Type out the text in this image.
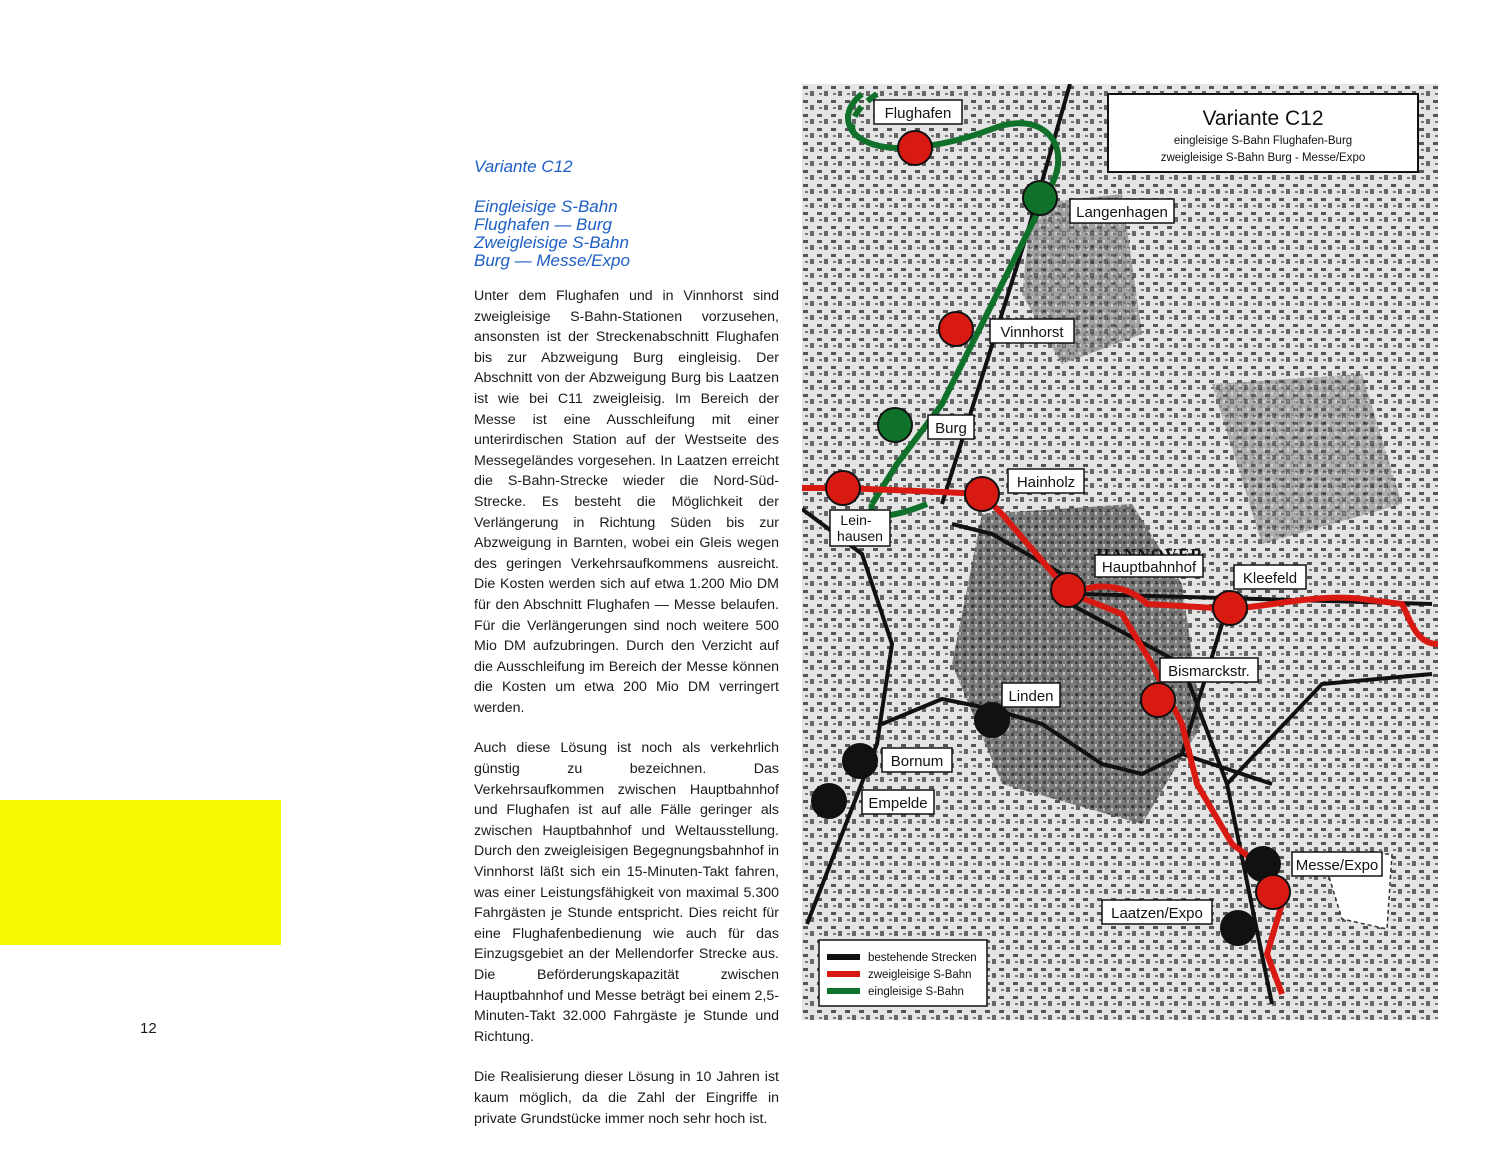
12
Variante C12
Eingleisige S-Bahn
Flughafen — Burg
Zweigleisige S-Bahn
Burg — Messe/Expo

Unter dem Flughafen und in Vinnhorst sind zweigleisige S-Bahn-Stationen vorzusehen, ansonsten ist der Streckenabschnitt Flughafen bis zur Abzweigung Burg eingleisig. Der Abschnitt von der Abzweigung Burg bis Laatzen ist wie bei C11 zweigleisig. Im Bereich der Messe ist eine Ausschleifung mit einer unterirdischen Station auf der Westseite des Messegeländes vorgesehen. In Laatzen erreicht die S-Bahn-Strecke wieder die Nord-Süd-Strecke. Es besteht die Möglichkeit der Verlängerung in Richtung Süden bis zur Abzweigung in Barnten, wobei ein Gleis wegen des geringen Verkehrsaufkommens ausreicht. Die Kosten werden sich auf etwa 1.200 Mio DM für den Abschnitt Flughafen — Messe belaufen. Für die Verlängerungen sind noch weitere 500 Mio DM aufzubringen. Durch den Verzicht auf die Ausschleifung im Bereich der Messe können die Kosten um etwa 200 Mio DM verringert werden.

Auch diese Lösung ist noch als verkehrlich günstig zu bezeichnen. Das Verkehrsaufkommen zwischen Hauptbahnhof und Flughafen ist auf alle Fälle geringer als zwischen Hauptbahnhof und Weltausstellung. Durch den zweigleisigen Begegnungsbahnhof in Vinnhorst läßt sich ein 15-Minuten-Takt fahren, was einer Leistungsfähigkeit von maximal 5.300 Fahrgästen je Stunde entspricht. Dies reicht für eine Flughafenbedienung wie auch für das Einzugsgebiet an der Mellendorfer Strecke aus. Die Beförderungskapazität zwischen Hauptbahnhof und Messe beträgt bei einem 2,5-Minuten-Takt 32.000 Fahrgäste je Stunde und Richtung.

Die Realisierung dieser Lösung in 10 Jahren ist kaum möglich, da die Zahl der Eingriffe in private Grundstücke immer noch sehr hoch ist.

Variante C12
eingleisige S-Bahn Flughafen-Burg
zweigleisige S-Bahn Burg - Messe/Expo
Flughafen
Langenhagen
Vinnhorst
Burg
Hainholz
Lein-
hausen
Hauptbahnhof
Kleefeld
Bismarckstr.
Linden
Bornum
Empelde
Messe/Expo
Laatzen/Expo
bestehende Strecken
zweigleisige S-Bahn
eingleisige S-Bahn
